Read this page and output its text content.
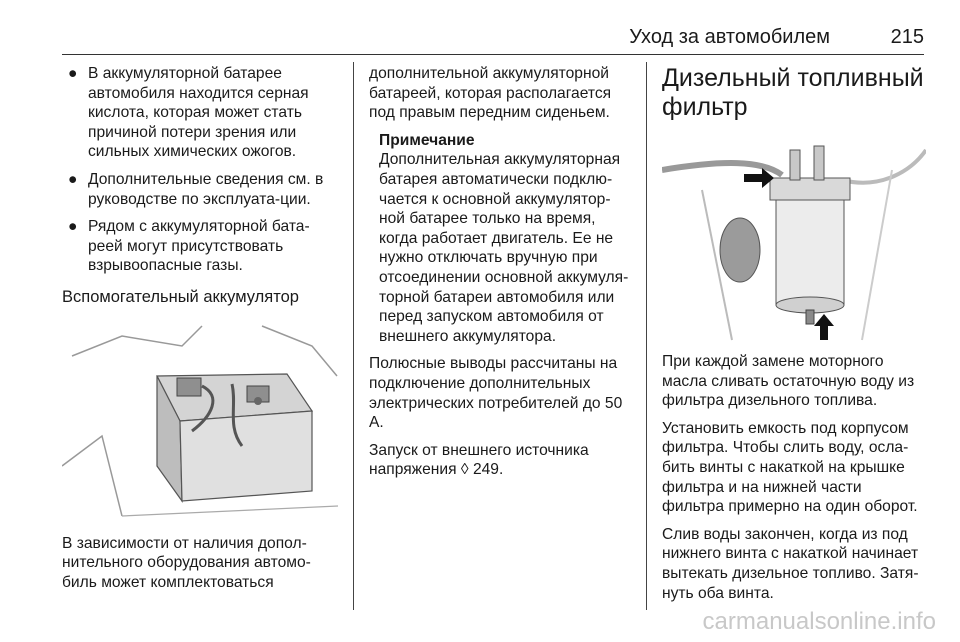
Уход за автомобилем	215
● В аккумуляторной батарее автомобиля находится серная кислота, которая может стать причиной потери зрения или сильных химических ожогов.
● Дополнительные сведения см. в руководстве по эксплуата-ции.
● Рядом с аккумуляторной бата-реей могут присутствовать взрывоопасные газы.
Вспомогательный аккумулятор

В зависимости от наличия допол-нительного оборудования автомо-биль может комплектоваться

дополнительной аккумуляторной батареей, которая располагается под правым передним сиденьем.

Примечание

Дополнительная аккумуляторная батарея автоматически подклю-чается к основной аккумулятор-ной батарее только на время, когда работает двигатель. Ее не нужно отключать вручную при отсоединении основной аккумуля-торной батареи автомобиля или перед запуском автомобиля от внешнего аккумулятора.

Полюсные выводы рассчитаны на подключение дополнительных электрических потребителей до 50 А.

Запуск от внешнего источника напряжения ◊ 249.

Дизельный топливный фильтр

При каждой замене моторного масла сливать остаточную воду из фильтра дизельного топлива.

Установить емкость под корпусом фильтра. Чтобы слить воду, осла-бить винты с накаткой на крышке фильтра и на нижней части фильтра примерно на один оборот.

Слив воды закончен, когда из под нижнего винта с накаткой начинает вытекать дизельное топливо. Затя-нуть оба винта.

carmanualsonline.info
